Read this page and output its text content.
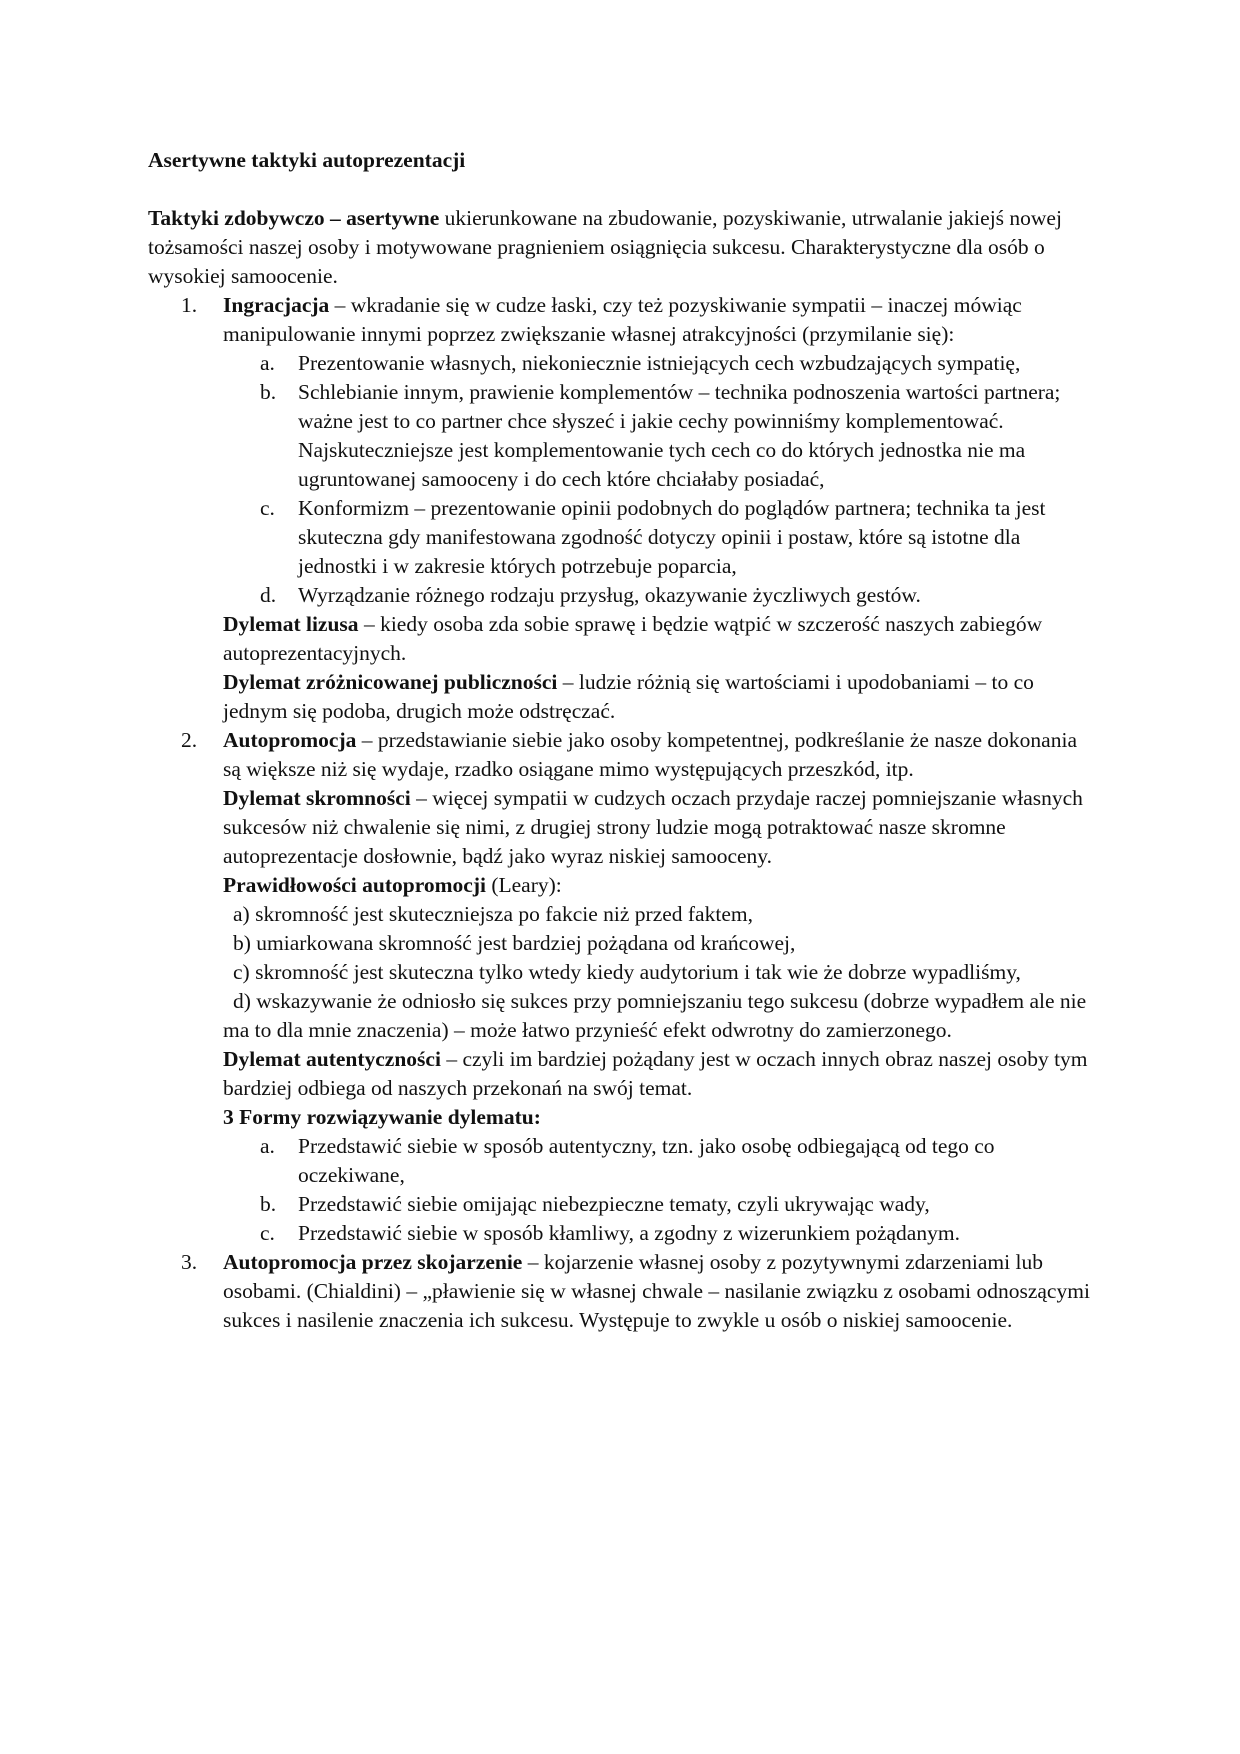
Asertywne taktyki autoprezentacji

Taktyki zdobywczo – asertywne ukierunkowane na zbudowanie, pozyskiwanie, utrwalanie jakiejś nowej tożsamości naszej osoby i motywowane pragnieniem osiągnięcia sukcesu. Charakterystyczne dla osób o wysokiej samoocenie.

1. Ingracjacja – wkradanie się w cudze łaski, czy też pozyskiwanie sympatii – inaczej mówiąc manipulowanie innymi poprzez zwiększanie własnej atrakcyjności (przymilanie się):
a. Prezentowanie własnych, niekoniecznie istniejących cech wzbudzających sympatię,
b. Schlebianie innym, prawienie komplementów – technika podnoszenia wartości partnera; ważne jest to co partner chce słyszeć i jakie cechy powinniśmy komplementować. Najskuteczniejsze jest komplementowanie tych cech co do których jednostka nie ma ugruntowanej samooceny i do cech które chciałaby posiadać,
c. Konformizm – prezentowanie opinii podobnych do poglądów partnera; technika ta jest skuteczna gdy manifestowana zgodność dotyczy opinii i postaw, które są istotne dla jednostki i w zakresie których potrzebuje poparcia,
d. Wyrządzanie różnego rodzaju przysług, okazywanie życzliwych gestów.

Dylemat lizusa – kiedy osoba zda sobie sprawę i będzie wątpić w szczerość naszych zabiegów autoprezentacyjnych.

Dylemat zróżnicowanej publiczności – ludzie różnią się wartościami i upodobaniami – to co jednym się podoba, drugich może odstręczać.

2. Autopromocja – przedstawianie siebie jako osoby kompetentnej, podkreślanie że nasze dokonania są większe niż się wydaje, rzadko osiągane mimo występujących przeszkód, itp.

Dylemat skromności – więcej sympatii w cudzych oczach przydaje raczej pomniejszanie własnych sukcesów niż chwalenie się nimi, z drugiej strony ludzie mogą potraktować nasze skromne autoprezentacje dosłownie, bądź jako wyraz niskiej samooceny.

Prawidłowości autopromocji (Leary):

a) skromność jest skuteczniejsza po fakcie niż przed faktem,

b) umiarkowana skromność jest bardziej pożądana od krańcowej,

c) skromność jest skuteczna tylko wtedy kiedy audytorium i tak wie że dobrze wypadliśmy,

d) wskazywanie że odniosło się sukces przy pomniejszaniu tego sukcesu (dobrze wypadłem ale nie ma to dla mnie znaczenia) – może łatwo przynieść efekt odwrotny do zamierzonego.

Dylemat autentyczności – czyli im bardziej pożądany jest w oczach innych obraz naszej osoby tym bardziej odbiega od naszych przekonań na swój temat.

3 Formy rozwiązywanie dylematu:

a. Przedstawić siebie w sposób autentyczny, tzn. jako osobę odbiegającą od tego co oczekiwane,
b. Przedstawić siebie omijając niebezpieczne tematy, czyli ukrywając wady,
c. Przedstawić siebie w sposób kłamliwy, a zgodny z wizerunkiem pożądanym.
3. Autopromocja przez skojarzenie – kojarzenie własnej osoby z pozytywnymi zdarzeniami lub osobami. (Chialdini) – „pławienie się w własnej chwale – nasilanie związku z osobami odnoszącymi sukces i nasilenie znaczenia ich sukcesu. Występuje to zwykle u osób o niskiej samoocenie.
